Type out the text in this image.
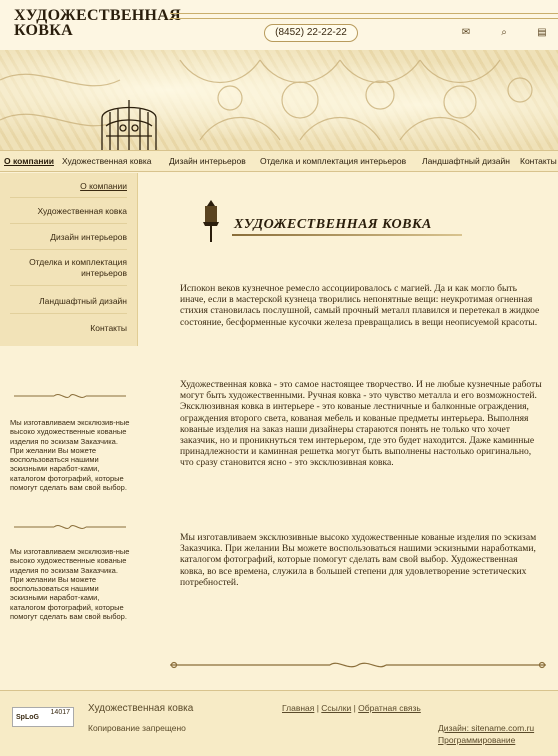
ХУДОЖЕСТВЕННАЯ
КОВКА	(8452) 22-22-22	✉	⌕	▤
О компании Художественная ковка Дизайн интерьеров Отделка и комплектация интерьеров Ландшафтный дизайн Контакты
О компании
Художественная ковка
Дизайн интерьеров
Отделка и комплектация интерьеров
Ландшафтный дизайн
Контакты
Мы изготавливаем эксклюзив-ные высоко художественные кованые изделия по эскизам Заказчика. При желании Вы можете воспользоваться нашими эскизными наработ-ками, каталогом фотографий, которые помогут сделать вам свой выбор.
Мы изготавливаем эксклюзив-ные высоко художественные кованые изделия по эскизам Заказчика. При желании Вы можете воспользоваться нашими эскизными наработ-ками, каталогом фотографий, которые помогут сделать вам свой выбор.
ХУДОЖЕСТВЕННАЯ КОВКА

Испокон веков кузнечное ремесло ассоциировалось с магией. Да и как могло быть иначе, если в мастерской кузнеца творились непонятные вещи: неукротимая огненная стихия становилась послушной, самый прочный металл плавился и перетекал в жидкое состояние, бесформенные кусочки железа превращались в вещи неописуемой красоты.

Художественная ковка - это самое настоящее творчество. И не любые кузнечные работы могут быть художественными. Ручная ковка - это чувство металла и его возможностей. Эксклюзивная ковка в интерьере - это кованые лестничные и балконные ограждения, ограждения второго света, кованая мебель и кованые предметы интерьера. Выполняя кованые изделия на заказ наши дизайнеры стараются понять не только что хочет заказчик, но и проникнуться тем интерьером, где это будет находится. Даже каминные принадлежности и каминная решетка могут быть выполнены настолько оригинально, что сразу становится ясно - это эксклюзивная ковка.

Мы изготавливаем эксклюзивные высоко художественные кованые изделия по эскизам Заказчика. При желании Вы можете воспользоваться нашими эскизными наработками, каталогом фотографий, которые помогут сделать вам свой выбор. Художественная ковка, во все времена, служила в большей степени для удовлетворение эстетических потребностей.

SpLoG
14017 Художественная ковка
Копирование запрещено
Главная | Ссылки | Обратная связь
Дизайн: sitename.com.ru
Программирование
